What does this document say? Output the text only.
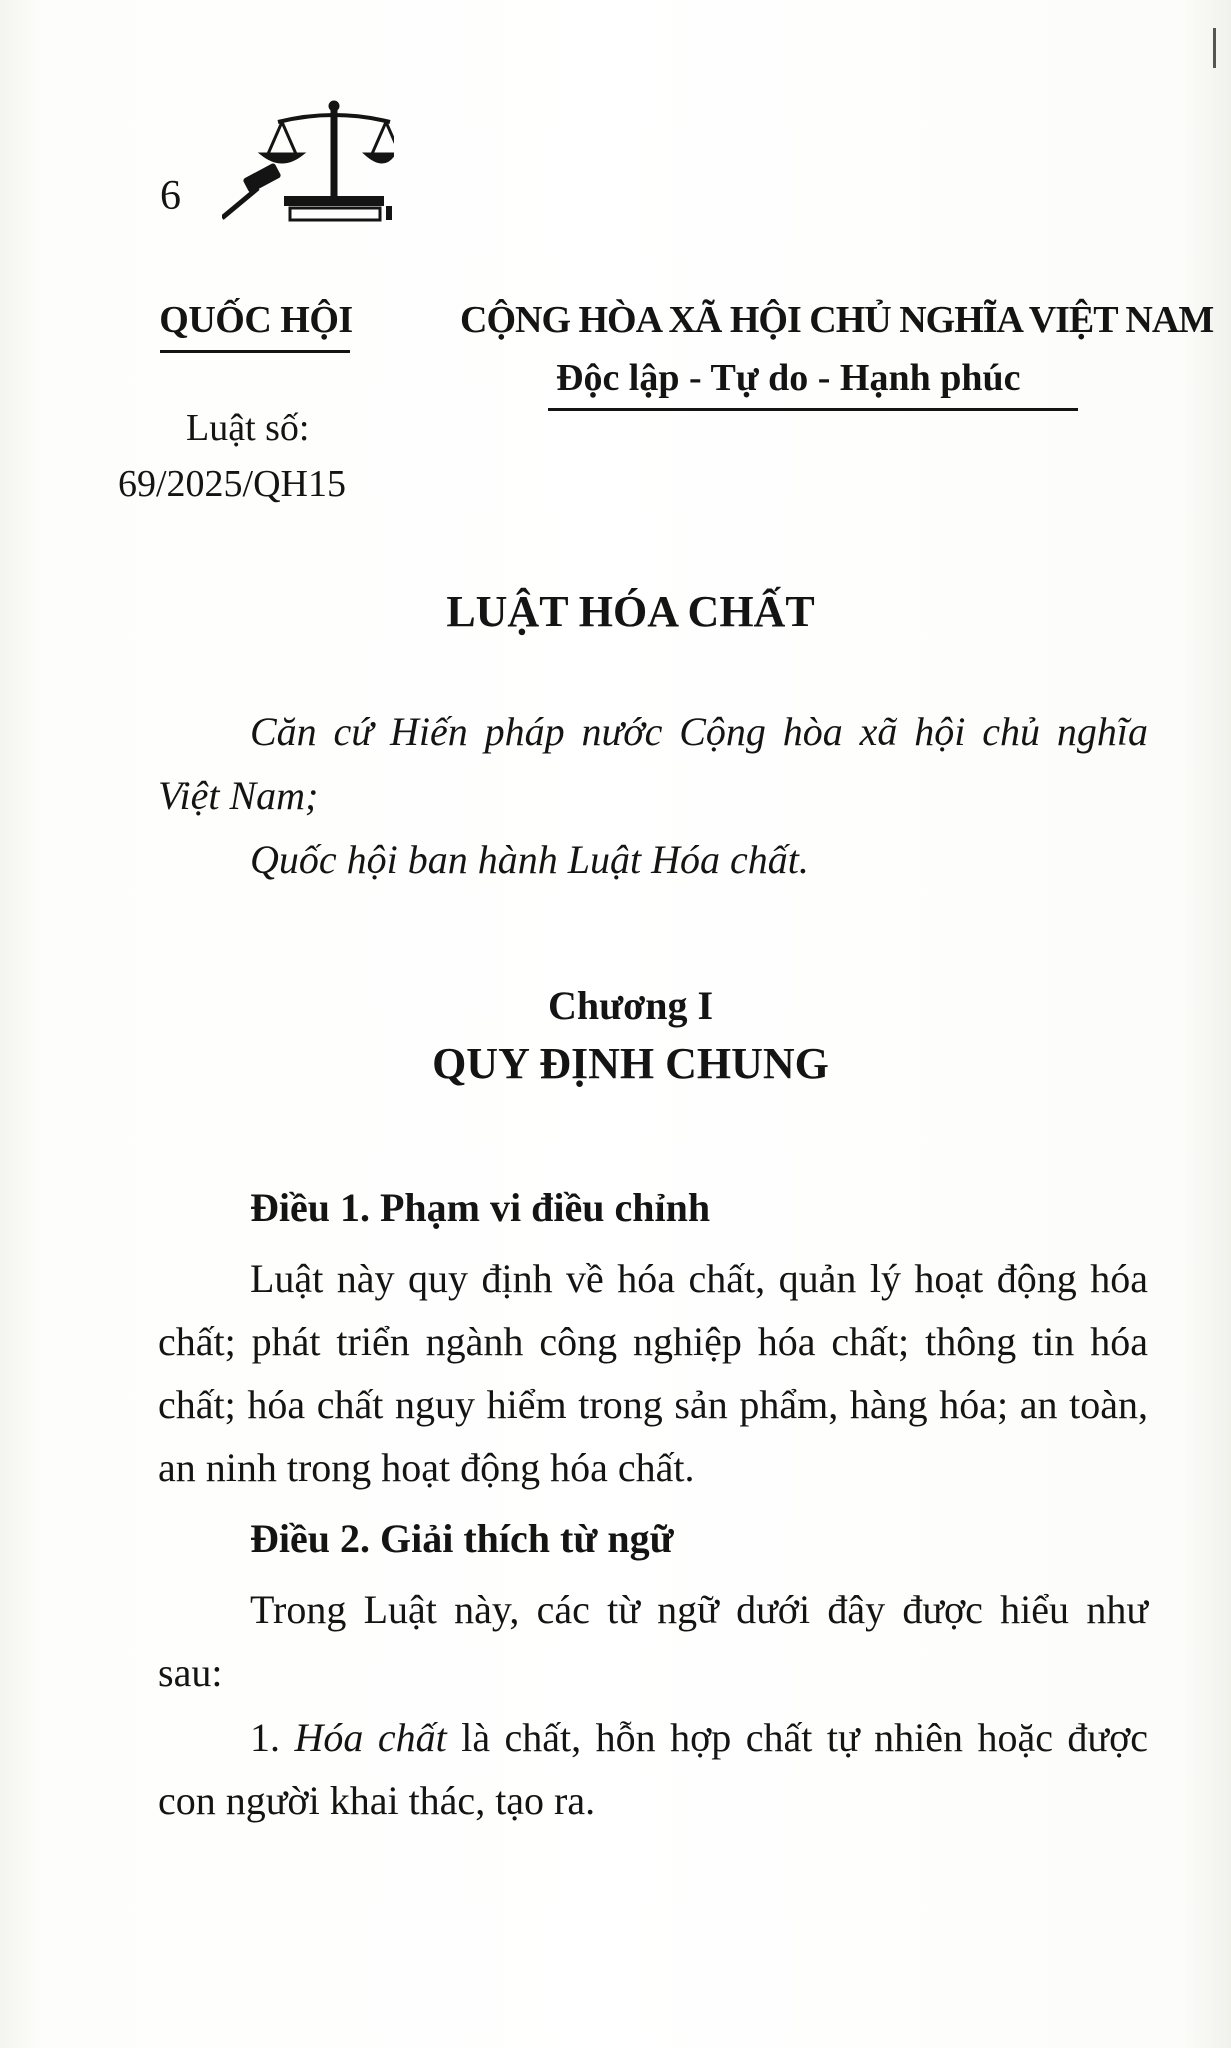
6
QUỐC HỘI
Luật số:
69/2025/QH15
CỘNG HÒA XÃ HỘI CHỦ NGHĨA VIỆT NAM
Độc lập - Tự do - Hạnh phúc
LUẬT HÓA CHẤT

Căn cứ Hiến pháp nước Cộng hòa xã hội chủ nghĩa Việt Nam;

Quốc hội ban hành Luật Hóa chất.

Chương I
QUY ĐỊNH CHUNG

Điều 1. Phạm vi điều chỉnh

Luật này quy định về hóa chất, quản lý hoạt động hóa chất; phát triển ngành công nghiệp hóa chất; thông tin hóa chất; hóa chất nguy hiểm trong sản phẩm, hàng hóa; an toàn, an ninh trong hoạt động hóa chất.

Điều 2. Giải thích từ ngữ

Trong Luật này, các từ ngữ dưới đây được hiểu như sau:

1. Hóa chất là chất, hỗn hợp chất tự nhiên hoặc được con người khai thác, tạo ra.
